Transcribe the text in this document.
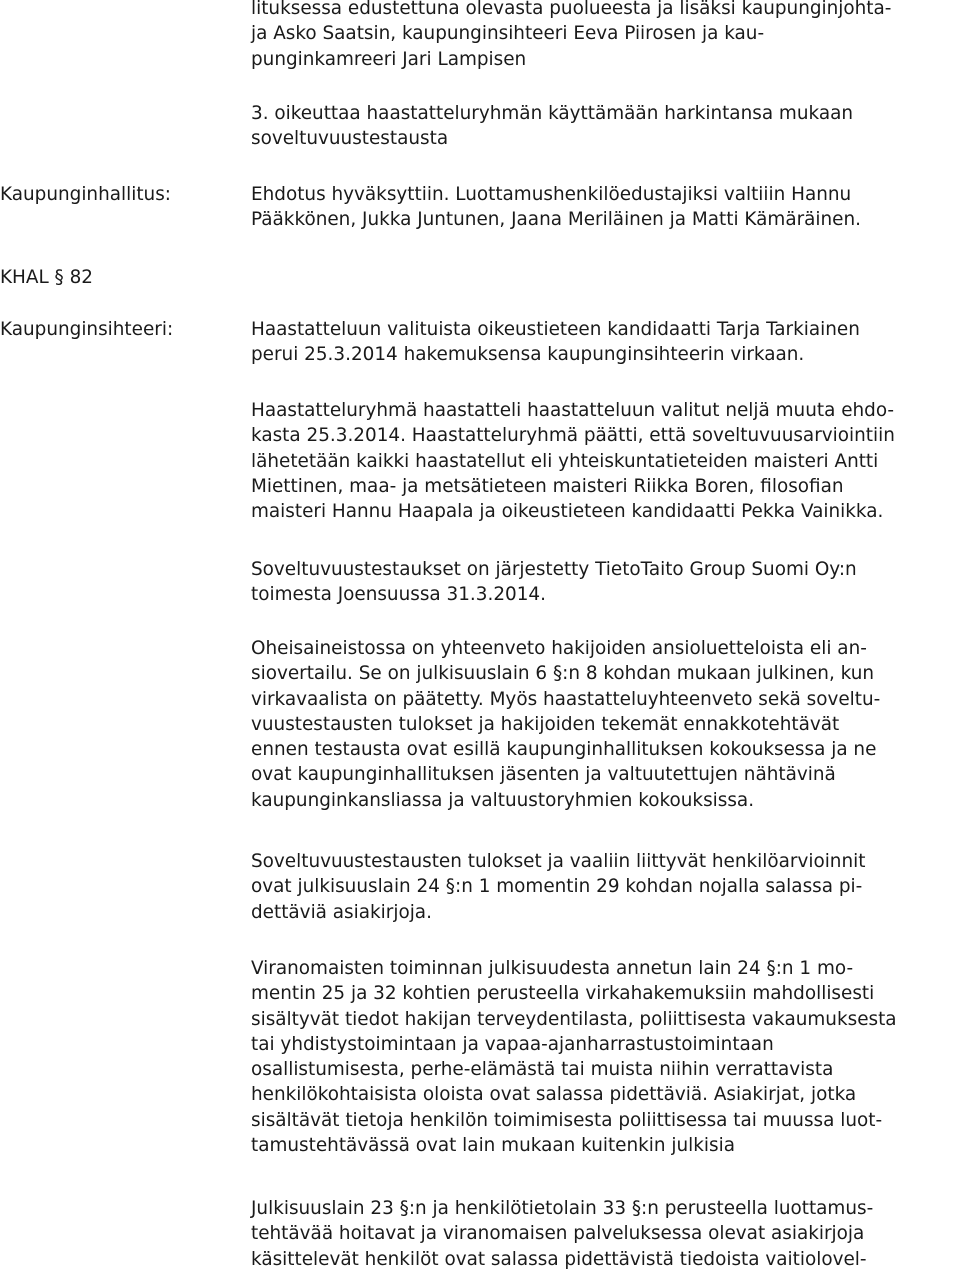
lituksessa edustettuna olevasta puolueesta ja lisäksi kaupunginjohta-
ja Asko Saatsin, kaupunginsihteeri Eeva Piirosen ja kau-
punginkamreeri Jari Lampisen
3. oikeuttaa haastatteluryhmän käyttämään harkintansa mukaan
soveltuvuustestausta
Kaupunginhallitus:	Ehdotus hyväksyttiin. Luottamushenkilöedustajiksi valtiiin Hannu
Pääkkönen, Jukka Juntunen, Jaana Meriläinen ja Matti Kämäräinen.
KHAL § 82
Kaupunginsihteeri:	Haastatteluun valituista oikeustieteen kandidaatti Tarja Tarkiainen
perui 25.3.2014 hakemuksensa kaupunginsihteerin virkaan.
Haastatteluryhmä haastatteli haastatteluun valitut neljä muuta ehdo-
kasta 25.3.2014. Haastatteluryhmä päätti, että soveltuvuusarviointiin
lähetetään kaikki haastatellut eli yhteiskuntatieteiden maisteri Antti
Miettinen, maa- ja metsätieteen maisteri Riikka Boren, filosofian
maisteri Hannu Haapala ja oikeustieteen kandidaatti Pekka Vainikka.
Soveltuvuustestaukset on järjestetty TietoTaito Group Suomi Oy:n
toimesta Joensuussa 31.3.2014.
Oheisaineistossa on yhteenveto hakijoiden ansioluetteloista eli an-
siovertailu. Se on julkisuuslain 6 §:n 8 kohdan mukaan julkinen, kun
virkavaalista on päätetty. Myös haastatteluyhteenveto sekä soveltu-
vuustestausten tulokset ja hakijoiden tekemät ennakkotehtävät
ennen testausta ovat esillä kaupunginhallituksen kokouksessa ja ne
ovat kaupunginhallituksen jäsenten ja valtuutettujen nähtävinä
kaupunginkansliassa ja valtuustoryhmien kokouksissa.
Soveltuvuustestausten tulokset ja vaaliin liittyvät henkilöarvioinnit
ovat julkisuuslain 24 §:n 1 momentin 29 kohdan nojalla salassa pi-
dettäviä asiakirjoja.
Viranomaisten toiminnan julkisuudesta annetun lain 24 §:n 1 mo-
mentin 25 ja 32 kohtien perusteella virkahakemuksiin mahdollisesti
sisältyvät tiedot hakijan terveydentilasta, poliittisesta vakaumuksesta
tai yhdistystoimintaan ja vapaa-ajanharrastustoimintaan
osallistumisesta, perhe-elämästä tai muista niihin verrattavista
henkilökohtaisista oloista ovat salassa pidettäviä. Asiakirjat, jotka
sisältävät tietoja henkilön toimimisesta poliittisessa tai muussa luot-
tamustehtävässä ovat lain mukaan kuitenkin julkisia
Julkisuuslain 23 §:n ja henkilötietolain 33 §:n perusteella luottamus-
tehtävää hoitavat ja viranomaisen palveluksessa olevat asiakirjoja
käsittelevät henkilöt ovat salassa pidettävistä tiedoista vaitiolovel-
